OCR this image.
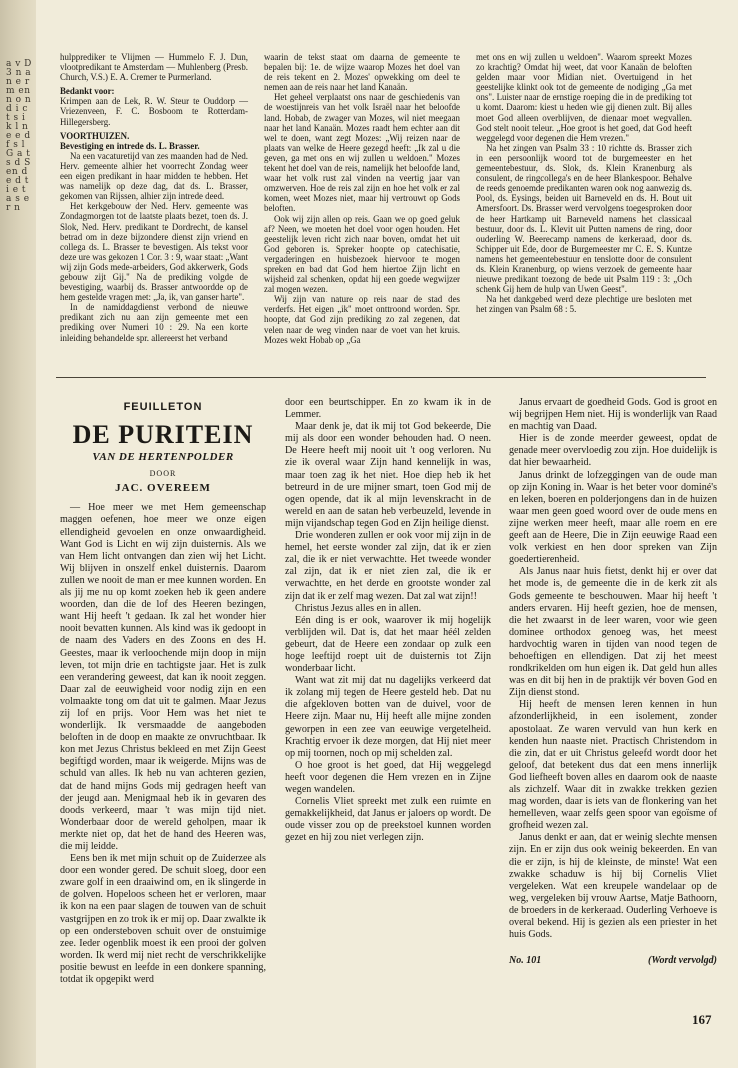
a v D 3 n a n e r m en n o n d i c t s i k l n e e d f s l G a t s d S en d e d t i e t a s e r n

hulpprediker te Vlijmen — Hummelo F. J. Dun, vlootpredikant te Amsterdam — Muhlenberg (Presb. Church, V.S.) E. A. Cremer te Purmerland.

Bedankt voor:

Krimpen aan de Lek, R. W. Steur te Ouddorp — Vriezenveen, F. C. Bosboom te Rotterdam-Hillegersberg.

VOORTHUIZEN.

Bevestiging en intrede ds. L. Brasser.

Na een vacaturetijd van zes maanden had de Ned. Herv. gemeente alhier het voorrecht Zondag weer een eigen predikant in haar midden te hebben. Het was namelijk op deze dag, dat ds. L. Brasser, gekomen van Rijssen, alhier zijn intrede deed.

Het kerkgebouw der Ned. Herv. gemeente was Zondagmorgen tot de laatste plaats bezet, toen ds. J. Slok, Ned. Herv. predikant te Dordrecht, de kansel betrad om in deze bijzondere dienst zijn vriend en collega ds. L. Brasser te bevestigen. Als tekst voor deze ure was gekozen 1 Cor. 3 : 9, waar staat: „Want wij zijn Gods mede-arbeiders, God akkerwerk, Gods gebouw zijt Gij." Na de prediking volgde de bevestiging, waarbij ds. Brasser antwoordde op de hem gestelde vragen met: „Ja, ik, van ganser harte".

In de namiddagdienst verbond de nieuwe predikant zich nu aan zijn gemeente met een prediking over Numeri 10 : 29. Na een korte inleiding behandelde spr. allereerst het verband

waarin de tekst staat om daarna de gemeente te bepalen bij: 1e. de wijze waarop Mozes het doel van de reis tekent en 2. Mozes' opwekking om deel te nemen aan de reis naar het land Kanaän.

Het geheel verplaatst ons naar de geschiedenis van de woestijnreis van het volk Israël naar het beloofde land. Hobab, de zwager van Mozes, wil niet meegaan naar het land Kanaän. Mozes raadt hem echter aan dit wel te doen, want zegt Mozes: „Wij reizen naar de plaats van welke de Heere gezegd heeft: „Ik zal u die geven, ga met ons en wij zullen u weldoen." Mozes tekent het doel van de reis, namelijk het beloofde land, waar het volk rust zal vinden na veertig jaar van omzwerven. Hoe de reis zal zijn en hoe het volk er zal komen, weet Mozes niet, maar hij vertrouwt op Gods beloften.

Ook wij zijn allen op reis. Gaan we op goed geluk af? Neen, we moeten het doel voor ogen houden. Het geestelijk leven richt zich naar boven, omdat het uit God geboren is. Spreker hoopte op catechisatie, vergaderingen en huisbezoek hiervoor te mogen spreken en bad dat God hem hiertoe Zijn licht en wijsheid zal schenken, opdat hij een goede wegwijzer zal mogen wezen.

Wij zijn van nature op reis naar de stad des verderfs. Het eigen „ik" moet onttroond worden. Spr. hoopte, dat God zijn prediking zo zal zegenen, dat velen naar de weg vinden naar de voet van het kruis. Mozes wekt Hobab op „Ga

met ons en wij zullen u weldoen". Waarom spreekt Mozes zo krachtig? Omdat hij weet, dat voor Kanaän de beloften gelden maar voor Midian niet. Overtuigend in het geestelijke klinkt ook tot de gemeente de nodiging „Ga met ons". Luister naar de ernstige roeping die in de prediking tot u komt. Daarom: kiest u heden wie gij dienen zult. Bij alles moet God alleen overblijven, de dienaar moet wegvallen. God stelt nooit teleur. „Hoe groot is het goed, dat God heeft weggelegd voor degenen die Hem vrezen."

Na het zingen van Psalm 33 : 10 richtte ds. Brasser zich in een persoonlijk woord tot de burgemeester en het gemeentebestuur, ds. Slok, ds. Klein Kranenburg als consulent, de ringcollega's en de heer Blankespoor. Behalve de reeds genoemde predikanten waren ook nog aanwezig ds. Pool, ds. Eysings, beiden uit Barneveld en ds. H. Bout uit Amersfoort. Ds. Brasser werd vervolgens toegesproken door de heer Hartkamp uit Barneveld namens het classicaal bestuur, door ds. L. Klevit uit Putten namens de ring, door ouderling W. Beerecamp namens de kerkeraad, door ds. Schipper uit Ede, door de Burgemeester mr C. E. S. Kuntze namens het gemeentebestuur en tenslotte door de consulent ds. Klein Kranenburg, op wiens verzoek de gemeente haar nieuwe predikant toezong de bede uit Psalm 119 : 3: „Och schenk Gij hem de hulp van Uwen Geest".

Na het dankgebed werd deze plechtige ure besloten met het zingen van Psalm 68 : 5.

FEUILLETON
DE PURITEIN
VAN DE HERTENPOLDER
DOOR
JAC. OVEREEM

— Hoe meer we met Hem gemeenschap maggen oefenen, hoe meer we onze eigen ellendigheid gevoelen en onze onwaardigheid. Want God is Licht en wij zijn duisternis. Als we van Hem licht ontvangen dan zien wij het Licht. Wij blijven in onszelf enkel duisternis. Daarom zullen we nooit de man er mee kunnen worden. En als jij me nu op komt zoeken heb ik geen andere woorden, dan die de lof des Heeren bezingen, want Hij heeft 't gedaan. Ik zal het wonder hier nooit bevatten kunnen. Als kind was ik gedoopt in de naam des Vaders en des Zoons en des H. Geestes, maar ik verloochende mijn doop in mijn leven, tot mijn drie en tachtigste jaar. Het is zulk een verandering geweest, dat kan ik nooit zeggen. Daar zal de eeuwigheid voor nodig zijn en een volmaakte tong om dat uit te galmen. Maar Jezus zij lof en prijs. Voor Hem was het niet te wonderlijk. Ik versmaadde de aangeboden beloften in de doop en maakte ze onvruchtbaar. Ik kon met Jezus Christus bekleed en met Zijn Geest begiftigd worden, maar ik weigerde. Mijns was de schuld van alles. Ik heb nu van achteren gezien, dat de hand mijns Gods mij gedragen heeft van der jeugd aan. Menigmaal heb ik in gevaren des doods verkeerd, maar 't was mijn tijd niet. Wonderbaar door de wereld geholpen, maar ik merkte niet op, dat het de hand des Heeren was, die mij leidde.

Eens ben ik met mijn schuit op de Zuiderzee als door een wonder gered. De schuit sloeg, door een zware golf in een draaiwind om, en ik slingerde in de golven. Hopeloos scheen het er verloren, maar ik kon na een paar slagen de touwen van de schuit vastgrijpen en zo trok ik er mij op. Daar zwalkte ik op een ondersteboven schuit over de onstuimige zee. Ieder ogenblik moest ik een prooi der golven worden. Ik werd mij niet recht de verschrikkelijke positie bewust en leefde in een donkere spanning, totdat ik opgepikt werd

door een beurtschipper. En zo kwam ik in de Lemmer.

Maar denk je, dat ik mij tot God bekeerde, Die mij als door een wonder behouden had. O neen. De Heere heeft mij nooit uit 't oog verloren. Nu zie ik overal waar Zijn hand kennelijk in was, maar toen zag ik het niet. Hoe diep heb ik het betreurd in de ure mijner smart, toen God mij de ogen opende, dat ik al mijn levenskracht in de wereld en aan de satan heb verbeuzeld, levende in mijn vijandschap tegen God en Zijn heilige dienst.

Drie wonderen zullen er ook voor mij zijn in de hemel, het eerste wonder zal zijn, dat ik er zien zal, die ik er niet verwachtte. Het tweede wonder zal zijn, dat ik er niet zien zal, die ik er verwachtte, en het derde en grootste wonder zal zijn dat ik er zelf mag wezen. Dat zal wat zijn!!

Christus Jezus alles en in allen.

Eén ding is er ook, waarover ik mij hogelijk verblijden wil. Dat is, dat het maar héél zelden gebeurt, dat de Heere een zondaar op zulk een hoge leeftijd roept uit de duisternis tot Zijn wonderbaar licht.

Want wat zit mij dat nu dagelijks verkeerd dat ik zolang mij tegen de Heere gesteld heb. Dat nu die afgekloven botten van de duivel, voor de Heere zijn. Maar nu, Hij heeft alle mijne zonden geworpen in een zee van eeuwige vergetelheid. Krachtig ervoer ik deze morgen, dat Hij niet meer op mij toornen, noch op mij schelden zal.

O hoe groot is het goed, dat Hij weggelegd heeft voor degenen die Hem vrezen en in Zijne wegen wandelen.

Cornelis Vliet spreekt met zulk een ruimte en gemakkelijkheid, dat Janus er jaloers op wordt. De oude visser zou op de preekstoel kunnen worden gezet en hij zou niet verlegen zijn.

Janus ervaart de goedheid Gods. God is groot en wij begrijpen Hem niet. Hij is wonderlijk van Raad en machtig van Daad.

Hier is de zonde meerder geweest, opdat de genade meer overvloedig zou zijn. Hoe duidelijk is dat hier bewaarheid.

Janus drinkt de lofzeggingen van de oude man op zijn Koning in. Waar is het beter voor dominé's en leken, boeren en polderjongens dan in de huizen waar men geen goed woord over de oude mens en zijne werken meer heeft, maar alle roem en ere geeft aan de Heere, Die in Zijn eeuwige Raad een volk verkiest en hen door spreken van Zijn goedertierenheid.

Als Janus naar huis fietst, denkt hij er over dat het mode is, de gemeente die in de kerk zit als Gods gemeente te beschouwen. Maar hij heeft 't anders ervaren. Hij heeft gezien, hoe de mensen, die het zwaarst in de leer waren, voor wie geen dominee orthodox genoeg was, het meest hardvochtig waren in tijden van nood tegen de behoeftigen en ellendigen. Dat zij het meest rondkrikelden om hun eigen ik. Dat geld hun alles was en dit bij hen in de praktijk vér boven God en Zijn dienst stond.

Hij heeft de mensen leren kennen in hun afzonderlijkheid, in een isolement, zonder apostolaat. Ze waren vervuld van hun kerk en kenden hun naaste niet. Practisch Christendom in die zin, dat er uit Christus geleefd wordt door het geloof, dat betekent dus dat een mens innerlijk God liefheeft boven alles en daarom ook de naaste als zichzelf. Waar dit in zwakke trekken gezien mag worden, daar is iets van de flonkering van het hemelleven, waar zelfs geen spoor van egoïsme of grofheid wezen zal.

Janus denkt er aan, dat er weinig slechte mensen zijn. En er zijn dus ook weinig bekeerden. En van die er zijn, is hij de kleinste, de minste! Wat een zwakke schaduw is hij bij Cornelis Vliet vergeleken. Wat een kreupele wandelaar op de weg, vergeleken bij vrouw Aartse, Matje Bathoorn, de broeders in de kerkeraad. Ouderling Verhoeve is overal bekend. Hij is gezien als een priester in het huis Gods.

No. 101	(Wordt vervolgd)
167
